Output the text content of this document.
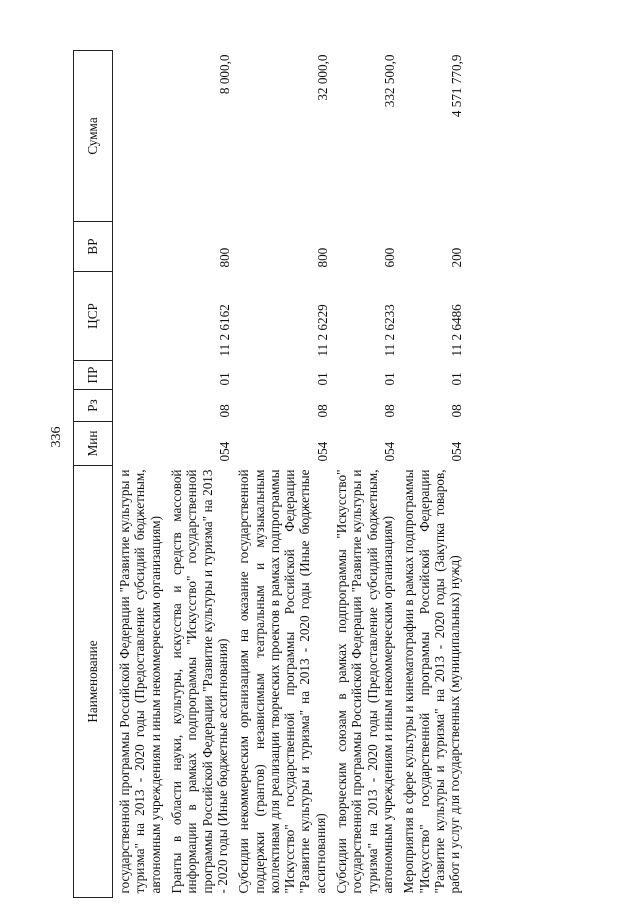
336
Наименование	Мин	Рз	ПР	ЦСР	ВР	Сумма
государственной программы Российской Федерации "Развитие культуры и туризма" на 2013 - 2020 годы (Предоставление субсидий бюджетным, автономным учреждениям и иным некоммерческим организациям)						
Гранты в области науки, культуры, искусства и средств массовой информации в рамках подпрограммы "Искусство" государственной программы Российской Федерации "Развитие культуры и туризма" на 2013 - 2020 годы (Иные бюджетные ассигнования)	054	08	01	11 2 6162	800	8 000,0
Субсидии некоммерческим организациям на оказание государственной поддержки (грантов) независимым театральным и музыкальным коллективам для реализации творческих проектов в рамках подпрограммы "Искусство" государственной программы Российской Федерации "Развитие культуры и туризма" на 2013 - 2020 годы (Иные бюджетные ассигнования)	054	08	01	11 2 6229	800	32 000,0
Субсидии творческим союзам в рамках подпрограммы "Искусство" государственной программы Российской Федерации "Развитие культуры и туризма" на 2013 - 2020 годы (Предоставление субсидий бюджетным, автономным учреждениям и иным некоммерческим организациям)	054	08	01	11 2 6233	600	332 500,0
Мероприятия в сфере культуры и кинематографии в рамках подпрограммы "Искусство" государственной программы Российской Федерации "Развитие культуры и туризма" на 2013 - 2020 годы (Закупка товаров, работ и услуг для государственных (муниципальных) нужд)	054	08	01	11 2 6486	200	4 571 770,9
